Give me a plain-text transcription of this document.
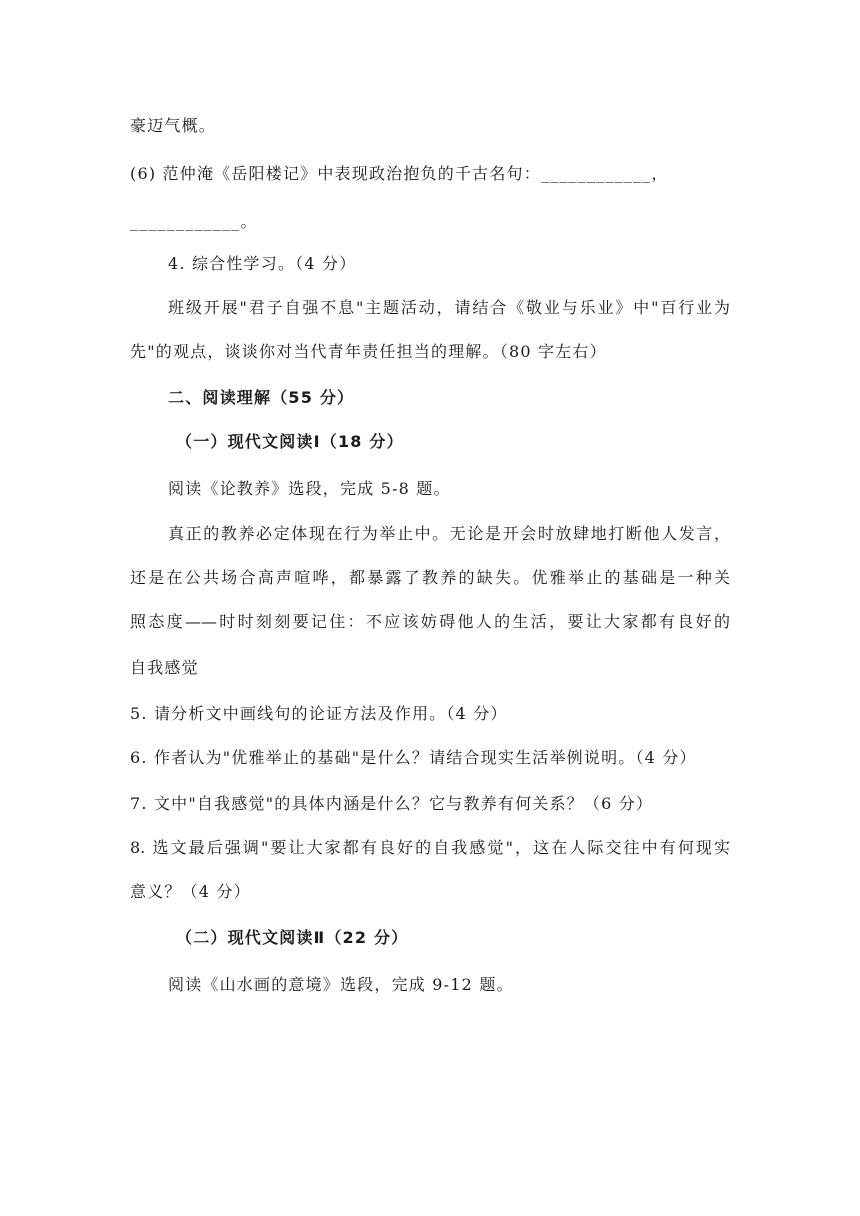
豪迈气概。
(6) 范仲淹《岳阳楼记》中表现政治抱负的千古名句：____________，
____________。
4. 综合性学习。（4 分）
班级开展"君子自强不息"主题活动，请结合《敬业与乐业》中"百行业为
先"的观点，谈谈你对当代青年责任担当的理解。（80 字左右）
二、阅读理解（55 分）
（一）现代文阅读Ⅰ（18 分）
阅读《论教养》选段，完成 5-8 题。
真正的教养必定体现在行为举止中。无论是开会时放肆地打断他人发言，
还是在公共场合高声喧哗，都暴露了教养的缺失。优雅举止的基础是一种关
照态度——时时刻刻要记住：不应该妨碍他人的生活，要让大家都有良好的
自我感觉
5. 请分析文中画线句的论证方法及作用。（4 分）
6. 作者认为"优雅举止的基础"是什么？请结合现实生活举例说明。（4 分）
7. 文中"自我感觉"的具体内涵是什么？它与教养有何关系？（6 分）
8. 选文最后强调"要让大家都有良好的自我感觉"，这在人际交往中有何现实
意义？（4 分）
（二）现代文阅读Ⅱ（22 分）
阅读《山水画的意境》选段，完成 9-12 题。
